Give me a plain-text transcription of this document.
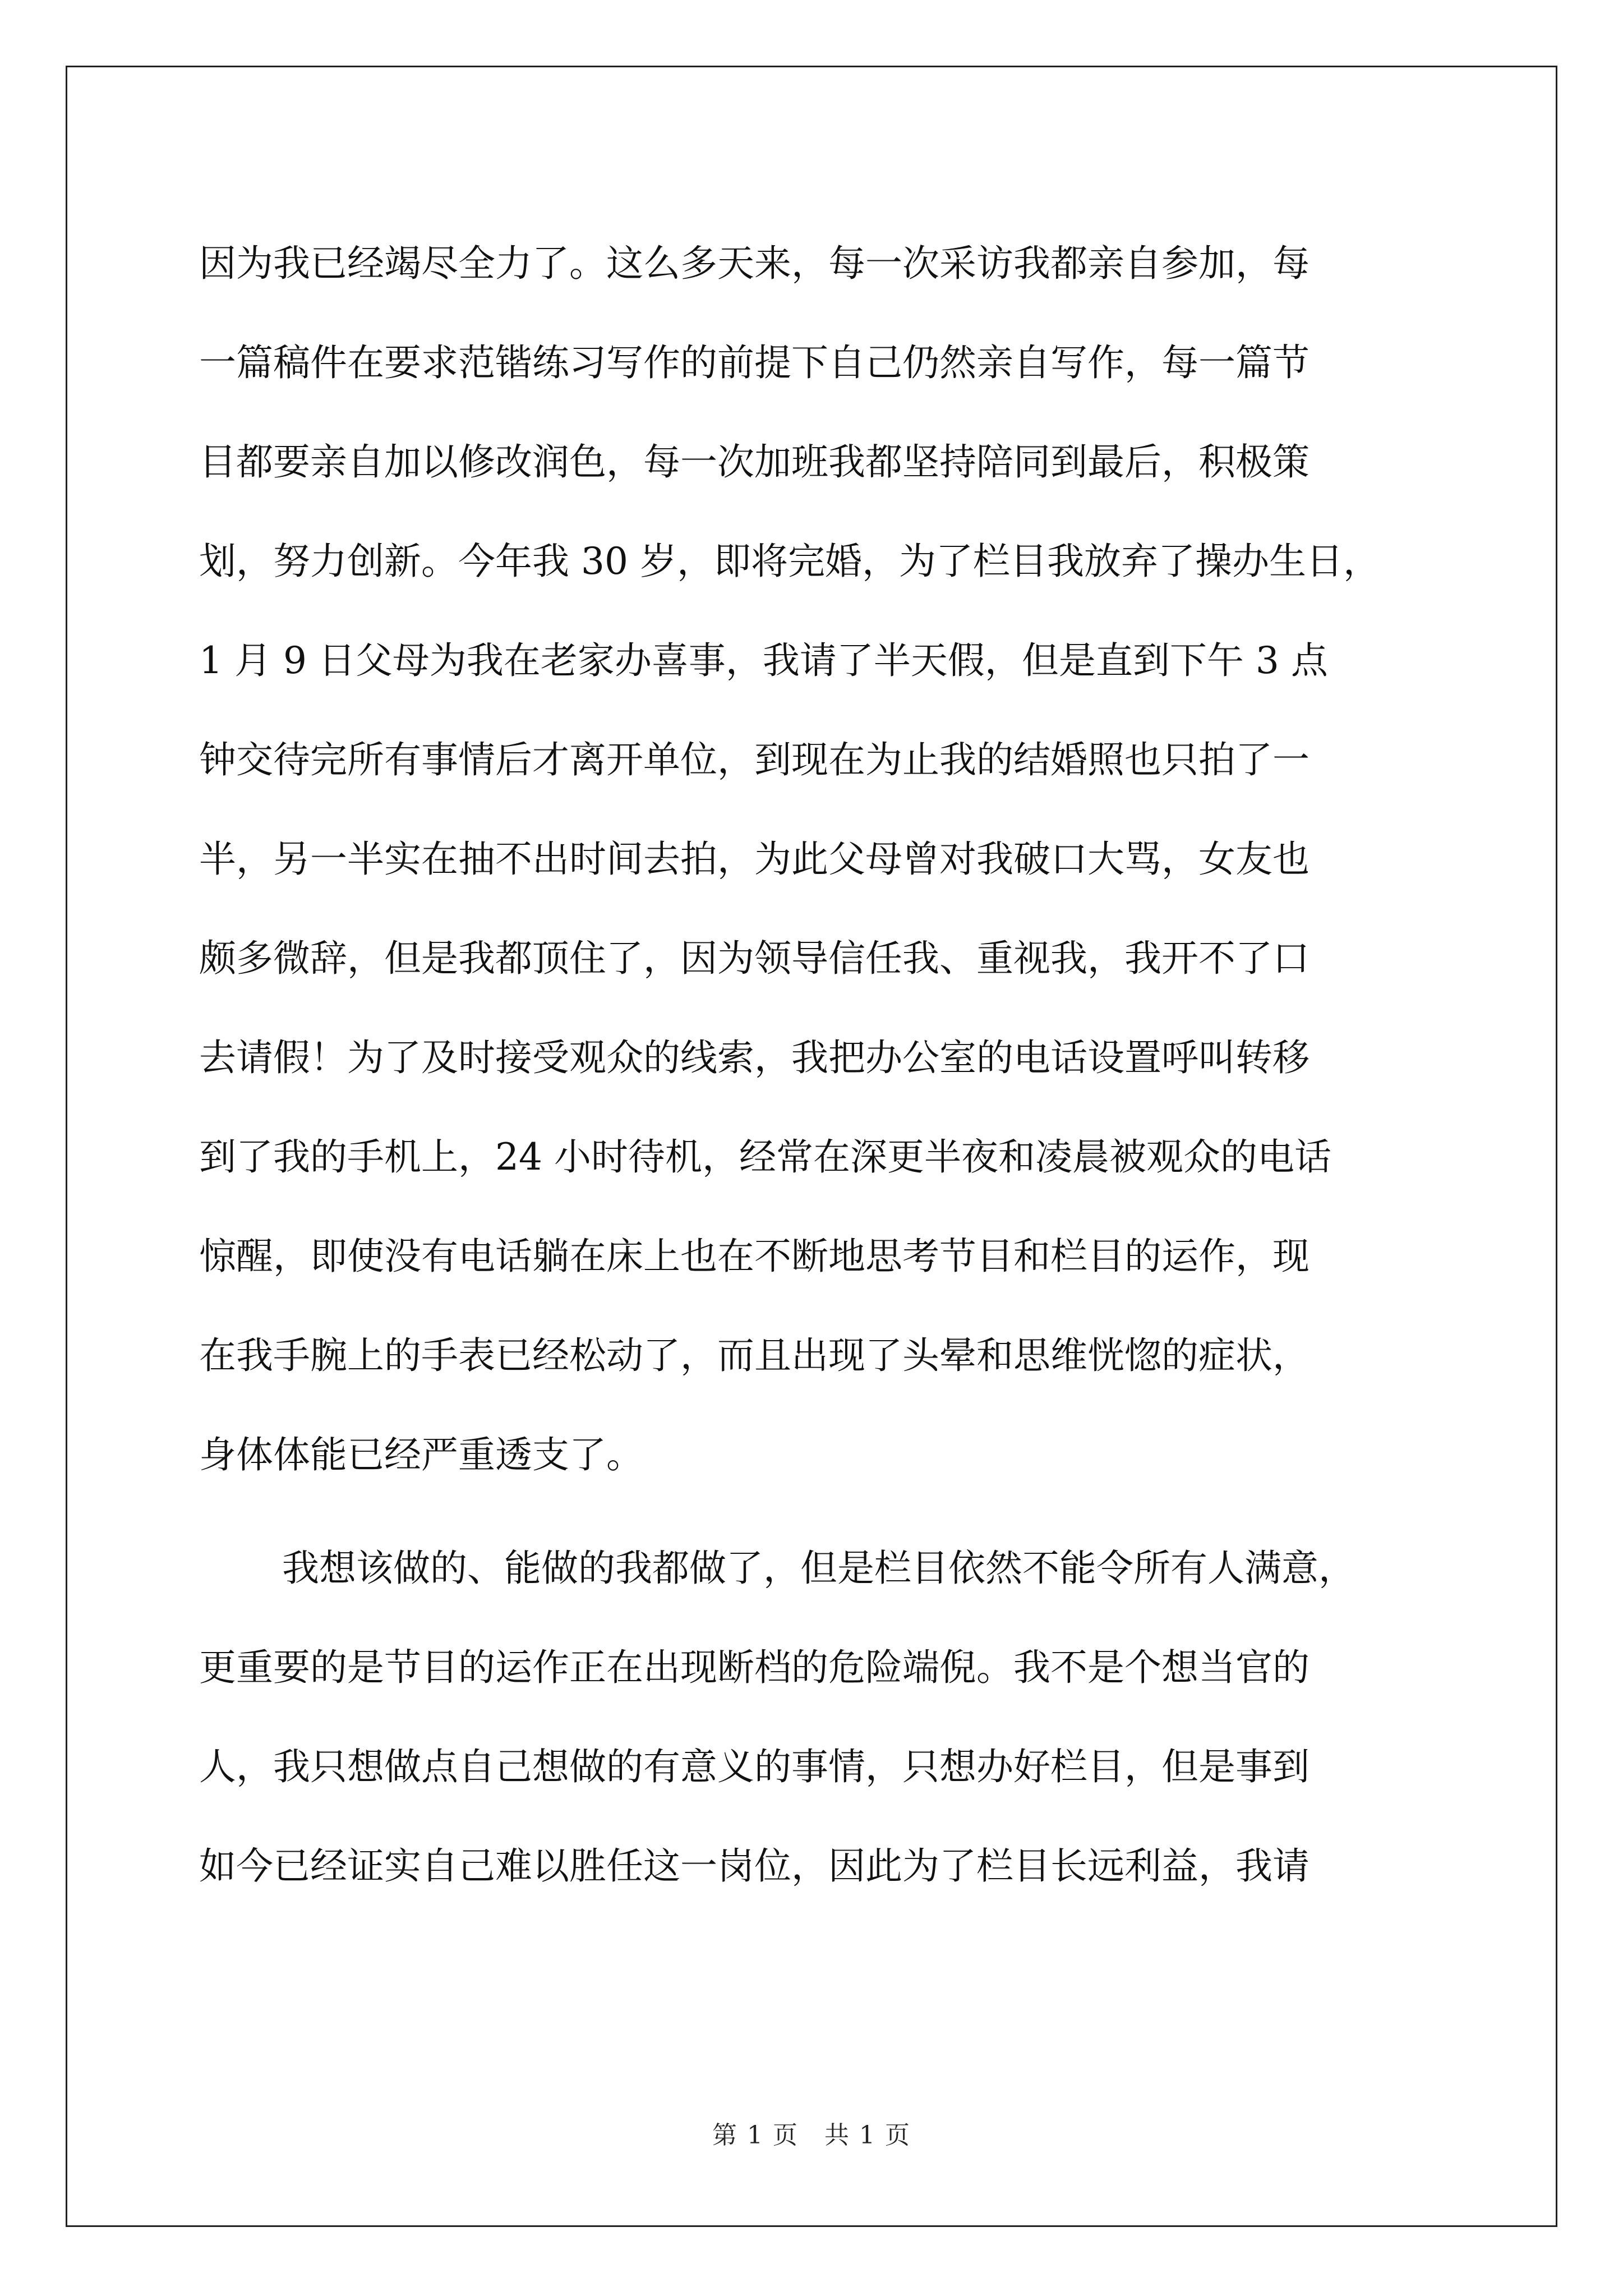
因为我已经竭尽全力了。这么多天来，每一次采访我都亲自参加，每
一篇稿件在要求范锴练习写作的前提下自己仍然亲自写作，每一篇节
目都要亲自加以修改润色，每一次加班我都坚持陪同到最后，积极策
划，努力创新。今年我 30 岁，即将完婚，为了栏目我放弃了操办生日，
1 月 9 日父母为我在老家办喜事，我请了半天假，但是直到下午 3 点
钟交待完所有事情后才离开单位，到现在为止我的结婚照也只拍了一
半，另一半实在抽不出时间去拍，为此父母曾对我破口大骂，女友也
颇多微辞，但是我都顶住了，因为领导信任我、重视我，我开不了口
去请假！为了及时接受观众的线索，我把办公室的电话设置呼叫转移
到了我的手机上，24 小时待机，经常在深更半夜和凌晨被观众的电话
惊醒，即使没有电话躺在床上也在不断地思考节目和栏目的运作，现
在我手腕上的手表已经松动了，而且出现了头晕和思维恍惚的症状，
身体体能已经严重透支了。
我想该做的、能做的我都做了，但是栏目依然不能令所有人满意，
更重要的是节目的运作正在出现断档的危险端倪。我不是个想当官的
人，我只想做点自己想做的有意义的事情，只想办好栏目，但是事到
如今已经证实自己难以胜任这一岗位，因此为了栏目长远利益，我请
第 1 页　共 1 页
